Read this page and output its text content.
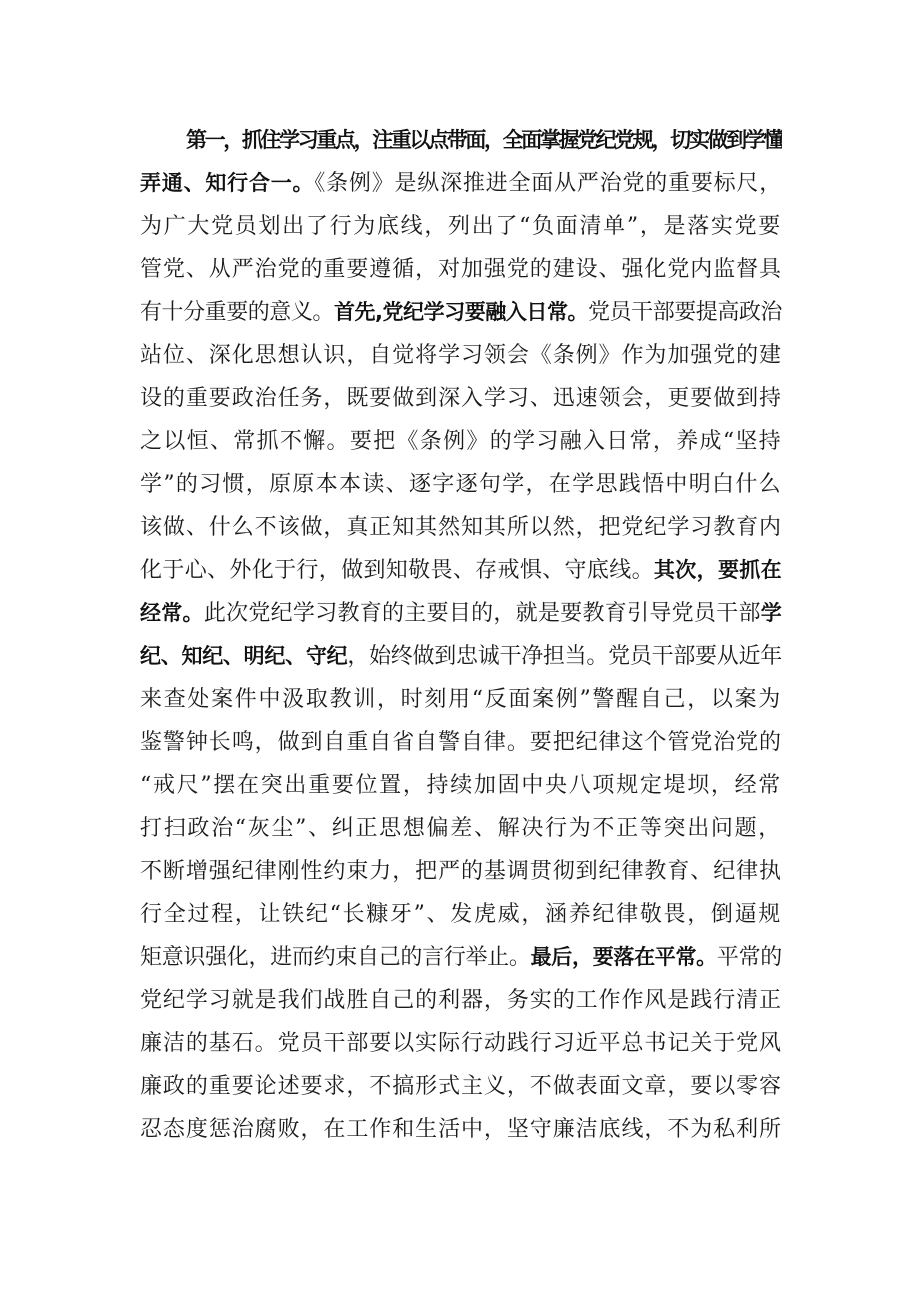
第一，抓住学习重点，注重以点带面，全面掌握党纪党规，切实做到学懂
弄通、知行合一。《条例》是纵深推进全面从严治党的重要标尺，
为广大党员划出了行为底线，列出了“负面清单”，是落实党要
管党、从严治党的重要遵循，对加强党的建设、强化党内监督具
有十分重要的意义。首先,党纪学习要融入日常。党员干部要提高政治
站位、深化思想认识，自觉将学习领会《条例》作为加强党的建
设的重要政治任务，既要做到深入学习、迅速领会，更要做到持
之以恒、常抓不懈。要把《条例》的学习融入日常，养成“坚持
学”的习惯，原原本本读、逐字逐句学，在学思践悟中明白什么
该做、什么不该做，真正知其然知其所以然，把党纪学习教育内
化于心、外化于行，做到知敬畏、存戒惧、守底线。其次，要抓在
经常。此次党纪学习教育的主要目的，就是要教育引导党员干部学
纪、知纪、明纪、守纪，始终做到忠诚干净担当。党员干部要从近年
来查处案件中汲取教训，时刻用“反面案例”警醒自己，以案为
鉴警钟长鸣，做到自重自省自警自律。要把纪律这个管党治党的
“戒尺”摆在突出重要位置，持续加固中央八项规定堤坝，经常
打扫政治“灰尘”、纠正思想偏差、解决行为不正等突出问题，
不断增强纪律刚性约束力，把严的基调贯彻到纪律教育、纪律执
行全过程，让铁纪“长糠牙”、发虎威，涵养纪律敬畏，倒逼规
矩意识强化，进而约束自己的言行举止。最后，要落在平常。平常的
党纪学习就是我们战胜自己的利器，务实的工作作风是践行清正
廉洁的基石。党员干部要以实际行动践行习近平总书记关于党风
廉政的重要论述要求，不搞形式主义，不做表面文章，要以零容
忍态度惩治腐败，在工作和生活中，坚守廉洁底线，不为私利所
